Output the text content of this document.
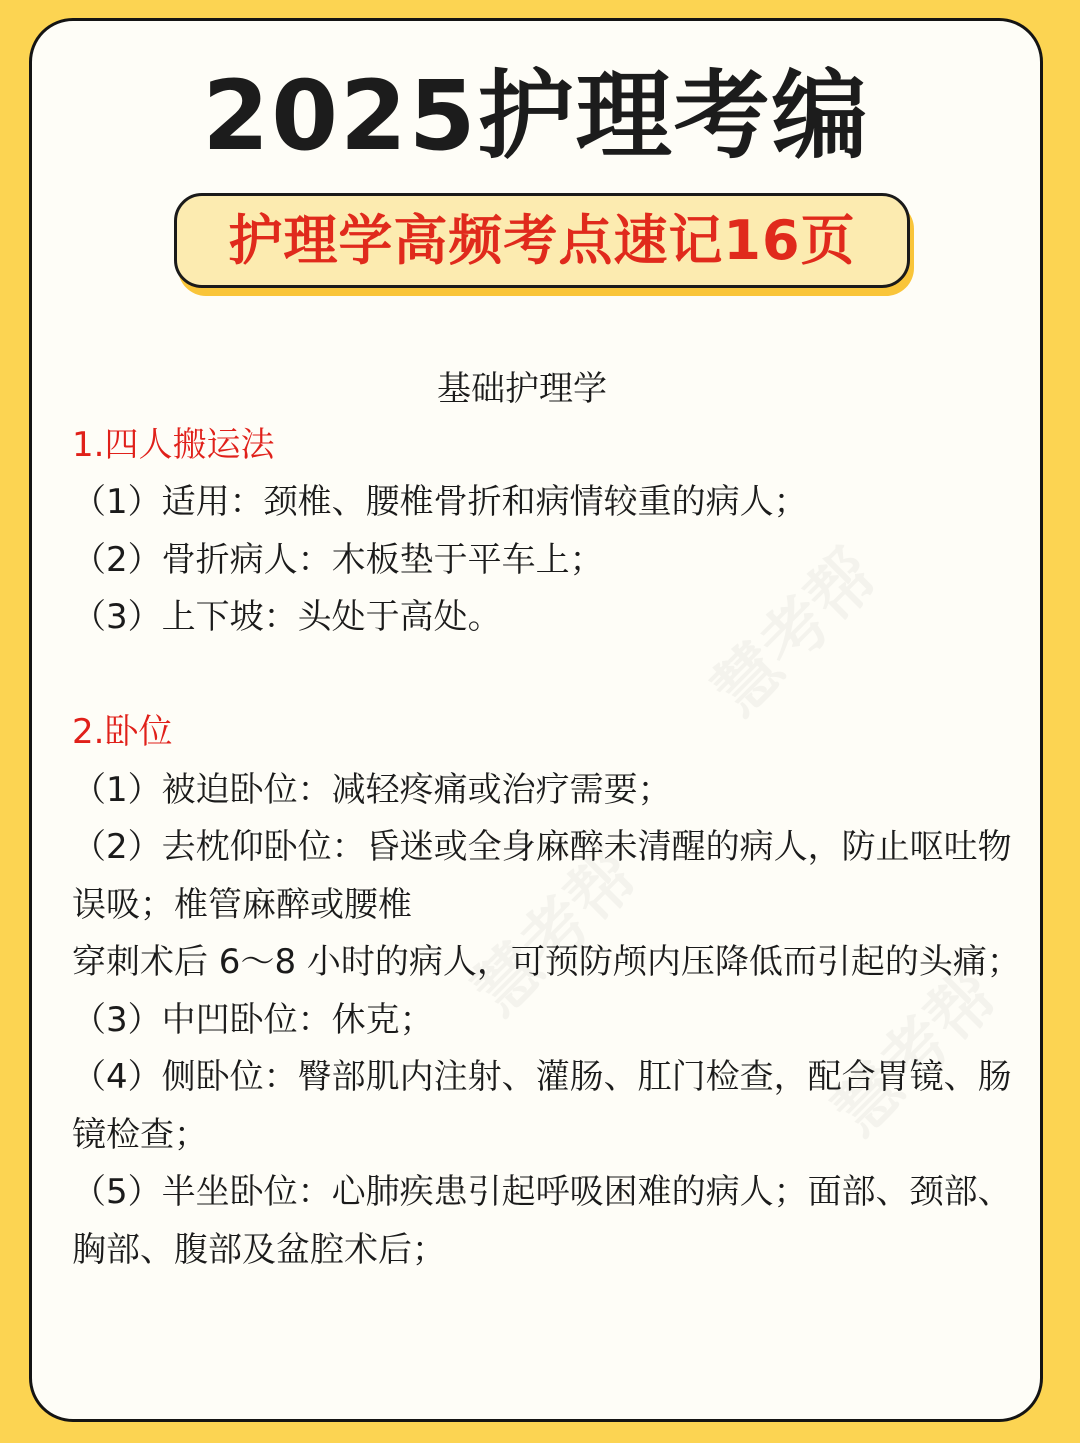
慧考帮
慧考帮
慧考帮
2025护理考编
护理学高频考点速记16页
基础护理学
1.四人搬运法
（1）适用：颈椎、腰椎骨折和病情较重的病人；
（2）骨折病人：木板垫于平车上；
（3）上下坡：头处于高处。
2.卧位
（1）被迫卧位：减轻疼痛或治疗需要；
（2）去枕仰卧位：昏迷或全身麻醉未清醒的病人，防止呕吐物误吸；椎管麻醉或腰椎
穿刺术后 6～8 小时的病人，可预防颅内压降低而引起的头痛；
（3）中凹卧位：休克；
（4）侧卧位：臀部肌内注射、灌肠、肛门检查，配合胃镜、肠镜检查；
（5）半坐卧位：心肺疾患引起呼吸困难的病人；面部、颈部、胸部、腹部及盆腔术后；
